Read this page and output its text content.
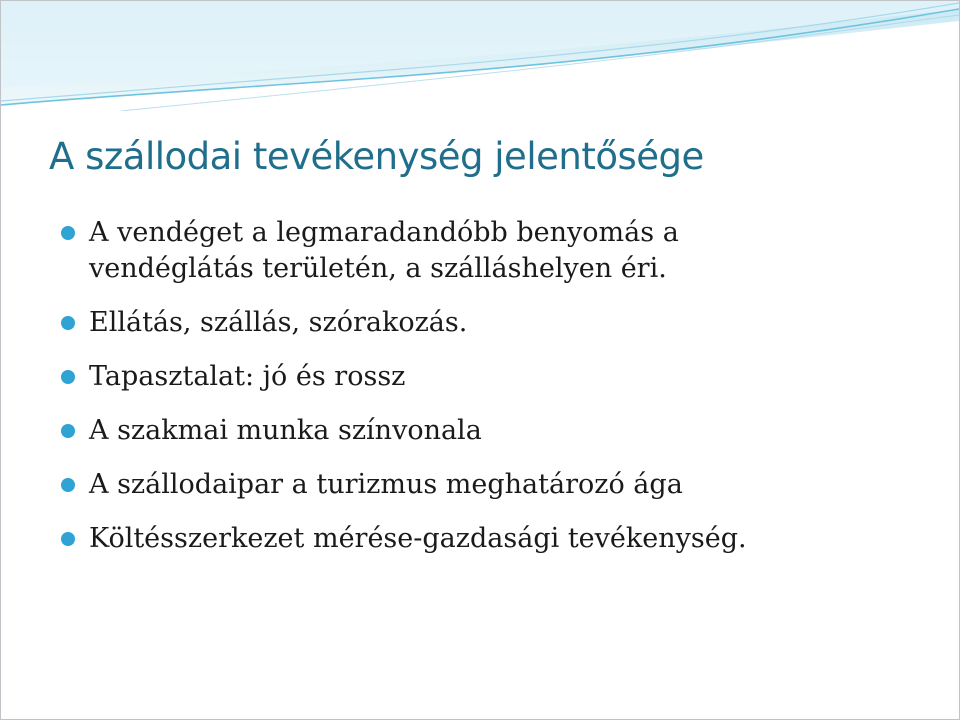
A szállodai tevékenység jelentősége
A vendéget a legmaradandóbb benyomás a
vendéglátás területén, a szálláshelyen éri.
Ellátás, szállás, szórakozás.
Tapasztalat: jó és rossz
A szakmai munka színvonala
A szállodaipar a turizmus meghatározó ága
Költésszerkezet mérése-gazdasági tevékenység.
